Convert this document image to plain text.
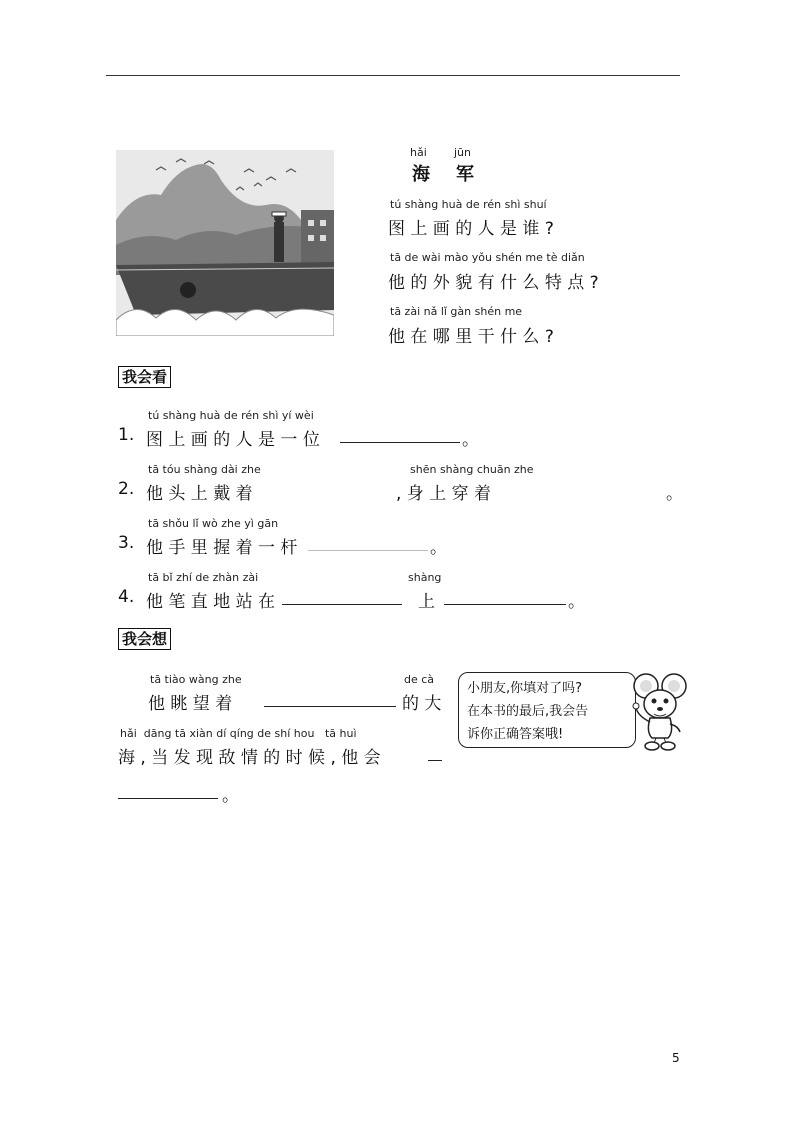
hǎi jūn
海 军
tú shàng huà de rén shì shuí
图 上 画 的 人 是 谁 ?
tā de wài mào yǒu shén me tè diǎn
他 的 外 貌 有 什 么 特 点 ?
tā zài nǎ lǐ gàn shén me
他 在 哪 里 干 什 么 ?
我会看
tú shàng huà de rén shì yí wèi
1. 图 上 画 的 人 是 一 位	。
tā tóu shàng dài zhe	shēn shàng chuān zhe
2. 他 头 上 戴 着	, 身 上 穿 着	。
tā shǒu lǐ wò zhe yì gān
3. 他 手 里 握 着 一 杆	。
tā bǐ zhí de zhàn zài	shàng
4. 他 笔 直 地 站 在	上	。
我会想
tā tiào wàng zhe
他 眺 望 着
de cà
的 大
hǎi  dāng tā xiàn dí qíng de shí hou   tā huì
海 , 当 发 现 敌 情 的 时 候 , 他 会
。
小朋友,你填对了吗?
在本书的最后,我会告
诉你正确答案哦!
5
